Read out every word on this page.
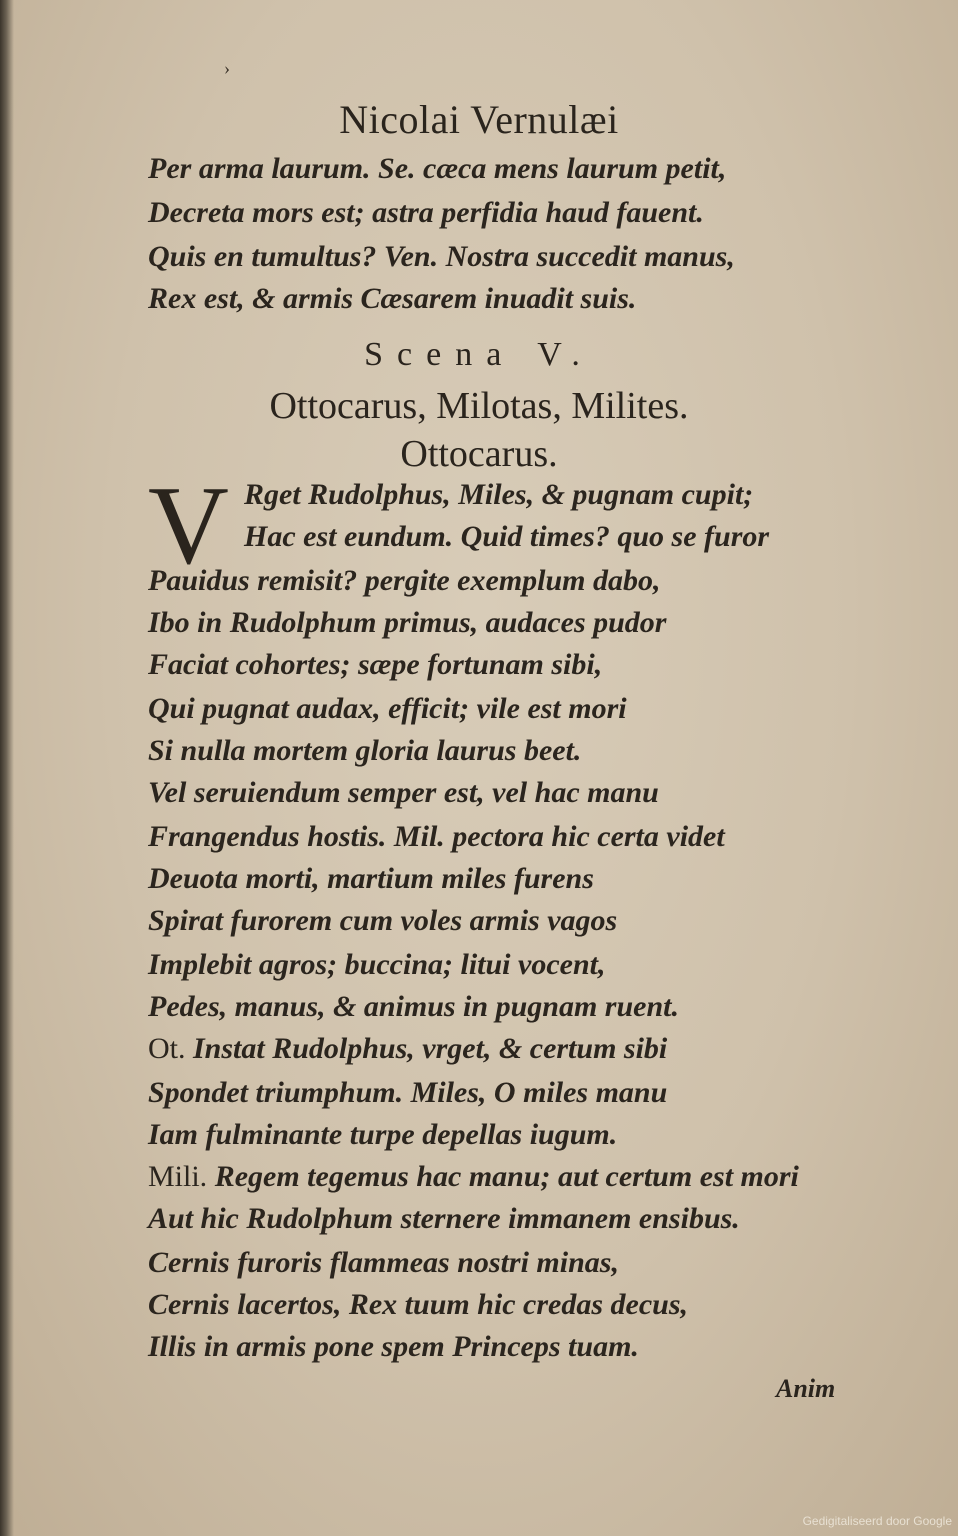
›
Nicolai Vernulæi
Per arma laurum. Se. cæca mens laurum petit,
Decreta mors est; astra perfidia haud fauent.
Quis en tumultus? Ven. Nostra succedit manus,
Rex est, & armis Cæsarem inuadit suis.
Scena V.
Ottocarus, Milotas, Milites.
Ottocarus.
V Rget Rudolphus, Miles, & pugnam cupit;
Hac est eundum. Quid times? quo se furor
Pauidus remisit? pergite exemplum dabo,
Ibo in Rudolphum primus, audaces pudor
Faciat cohortes; sæpe fortunam sibi,
Qui pugnat audax, efficit; vile est mori
Si nulla mortem gloria laurus beet.
Vel seruiendum semper est, vel hac manu
Frangendus hostis. Mil. pectora hic certa videt
Deuota morti, martium miles furens
Spirat furorem cum voles armis vagos
Implebit agros; buccina; litui vocent,
Pedes, manus, & animus in pugnam ruent.
Ot. Instat Rudolphus, vrget, & certum sibi
Spondet triumphum. Miles, O miles manu
Iam fulminante turpe depellas iugum.
Mili. Regem tegemus hac manu; aut certum est mori
Aut hic Rudolphum sternere immanem ensibus.
Cernis furoris flammeas nostri minas,
Cernis lacertos, Rex tuum hic credas decus,
Illis in armis pone spem Princeps tuam.
Anim
Gedigitaliseerd door Google
